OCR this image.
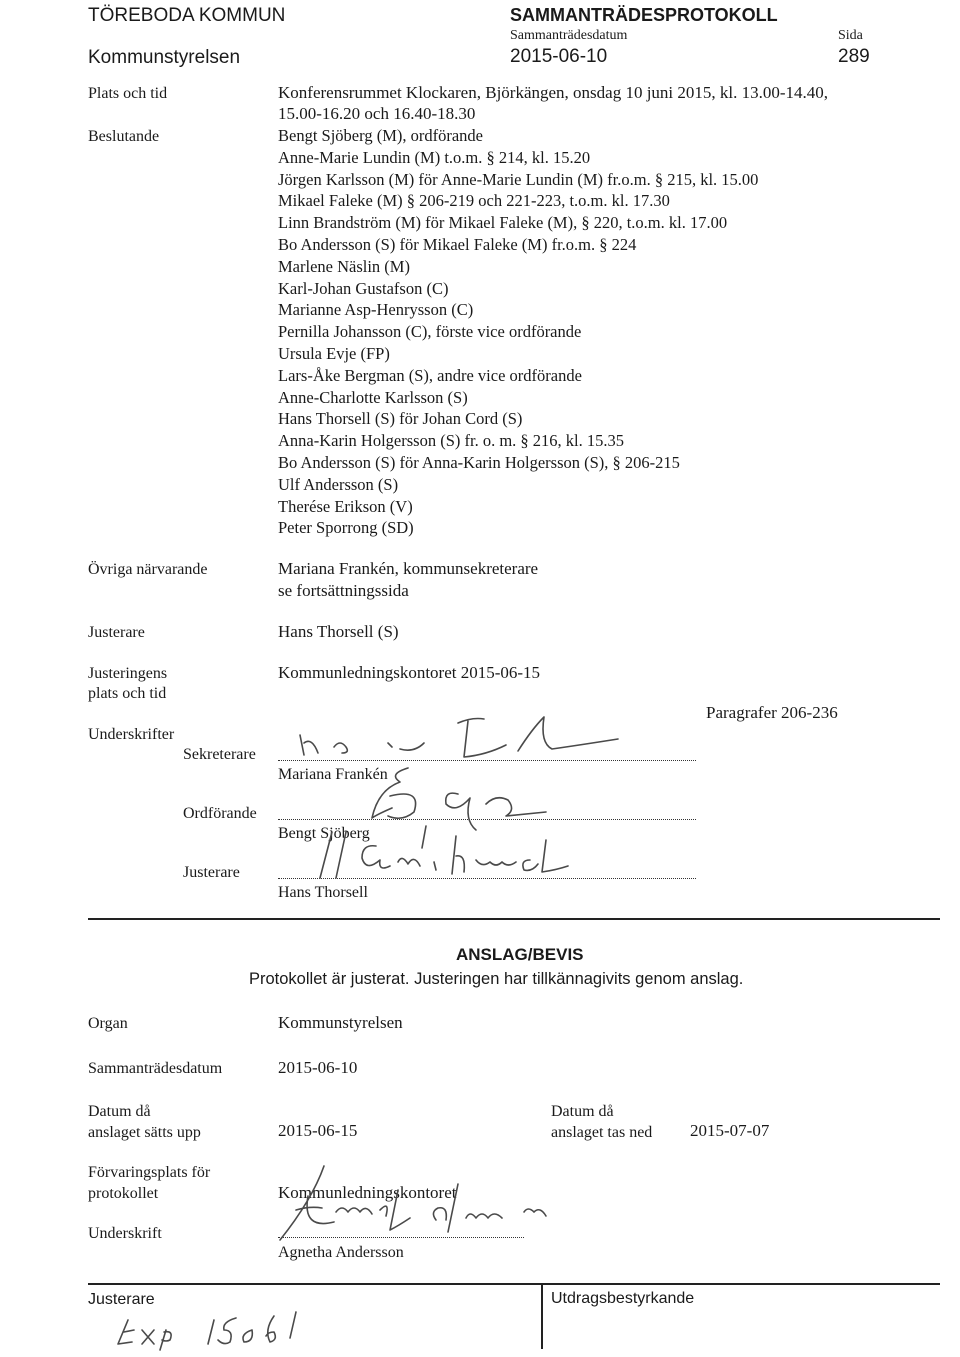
TÖREBODA KOMMUN
Kommunstyrelsen
SAMMANTRÄDESPROTOKOLL
Sammanträdesdatum
2015-06-10
Sida
289
Plats och tid	Konferensrummet Klockaren, Björkängen, onsdag 10 juni 2015, kl. 13.00-14.40,
15.00-16.20 och 16.40-18.30
Beslutande	Bengt Sjöberg (M), ordförande
Anne-Marie Lundin (M) t.o.m. § 214, kl. 15.20
Jörgen Karlsson (M) för Anne-Marie Lundin (M) fr.o.m. § 215, kl. 15.00
Mikael Faleke (M) § 206-219 och 221-223, t.o.m. kl. 17.30
Linn Brandström (M) för Mikael Faleke (M), § 220, t.o.m. kl. 17.00
Bo Andersson (S) för Mikael Faleke (M) fr.o.m. § 224
Marlene Näslin (M)
Karl-Johan Gustafson (C)
Marianne Asp-Henrysson (C)
Pernilla Johansson (C), förste vice ordförande
Ursula Evje (FP)
Lars-Åke Bergman (S), andre vice ordförande
Anne-Charlotte Karlsson (S)
Hans Thorsell (S) för Johan Cord (S)
Anna-Karin Holgersson (S) fr. o. m. § 216, kl. 15.35
Bo Andersson (S) för Anna-Karin Holgersson (S), § 206-215
Ulf Andersson (S)
Therése Erikson (V)
Peter Sporrong (SD)
Övriga närvarande	Mariana Frankén, kommunsekreterare
se fortsättningssida
Justerare	Hans Thorsell (S)
Justeringens
plats och tid
Kommunledningskontoret 2015-06-15
Underskrifter
Paragrafer 206-236
Sekreterare
Mariana Frankén
Ordförande
Bengt Sjöberg
Justerare
Hans Thorsell
ANSLAG/BEVIS
Protokollet är justerat. Justeringen har tillkännagivits genom anslag.
Organ	Kommunstyrelsen
Sammanträdesdatum	2015-06-10
Datum då
anslaget sätts upp	2015-06-15
Datum då
anslaget tas ned 2015-07-07
Förvaringsplats för
protokollet	Kommunledningskontoret
Underskrift
Agnetha Andersson
Justerare	Utdragsbestyrkande
